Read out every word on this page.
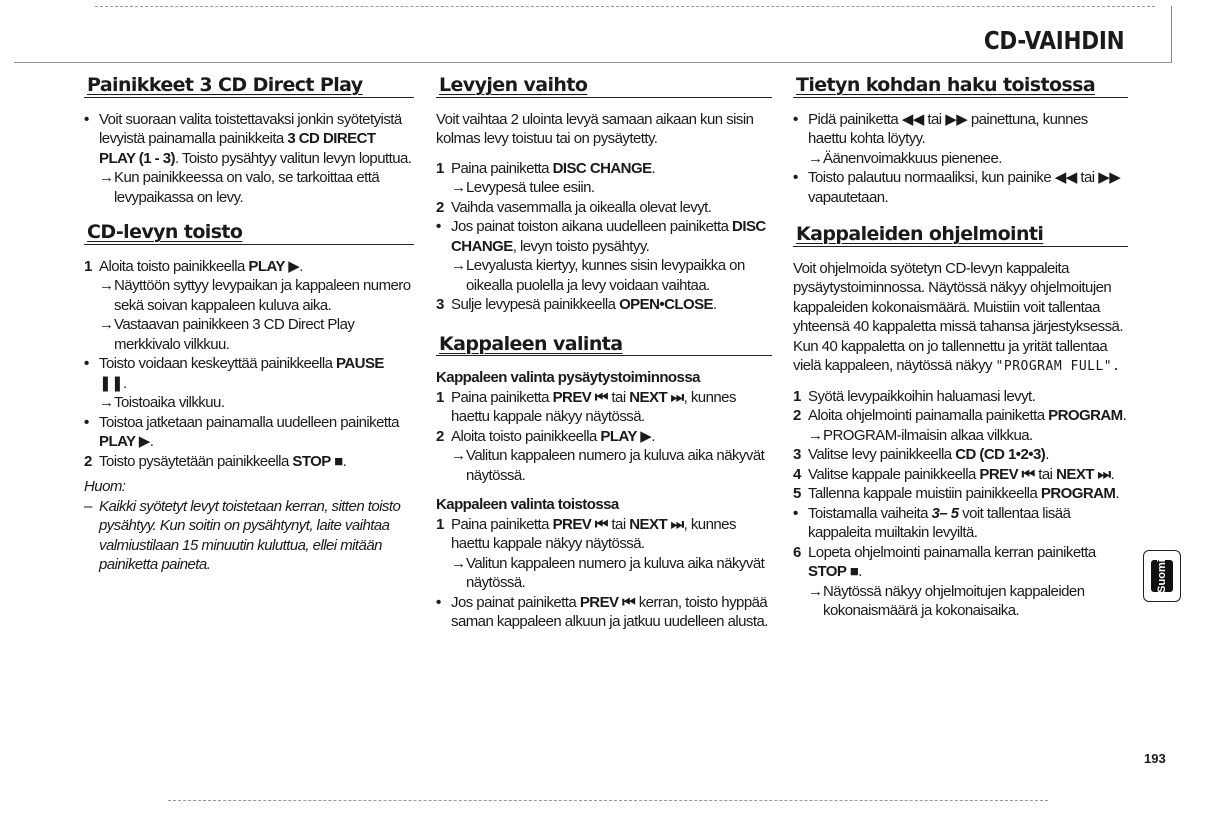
CD-VAIHDIN
Painikkeet 3 CD Direct Play
• Voit suoraan valita toistettavaksi jonkin syötetyistä levyistä painamalla painikkeita 3 CD DIRECT PLAY (1 - 3). Toisto pysähtyy valitun levyn loputtua.
→ Kun painikkeessa on valo, se tarkoittaa että levypaikassa on levy.
CD-levyn toisto
1 Aloita toisto painikkeella PLAY ▶.
→ Näyttöön syttyy levypaikan ja kappaleen numero sekä soivan kappaleen kuluva aika.
→ Vastaavan painikkeen 3 CD Direct Play merkkivalo vilkkuu.
• Toisto voidaan keskeyttää painikkeella PAUSE ❚❚.
→ Toistoaika vilkkuu.
• Toistoa jatketaan painamalla uudelleen painiketta PLAY ▶.
2 Toisto pysäytetään painikkeella STOP ■.
Huom:
– Kaikki syötetyt levyt toistetaan kerran, sitten toisto pysähtyy. Kun soitin on pysähtynyt, laite vaihtaa valmiustilaan 15 minuutin kuluttua, ellei mitään painiketta paineta.
Levyjen vaihto
Voit vaihtaa 2 ulointa levyä samaan aikaan kun sisin kolmas levy toistuu tai on pysäytetty.
1 Paina painiketta DISC CHANGE.
→ Levypesä tulee esiin.
2 Vaihda vasemmalla ja oikealla olevat levyt.
• Jos painat toiston aikana uudelleen painiketta DISC CHANGE, levyn toisto pysähtyy.
→ Levyalusta kiertyy, kunnes sisin levypaikka on oikealla puolella ja levy voidaan vaihtaa.
3 Sulje levypesä painikkeella OPEN•CLOSE.
Kappaleen valinta
Kappaleen valinta pysäytystoiminnossa
1 Paina painiketta PREV ⏮ tai NEXT ⏭, kunnes haettu kappale näkyy näytössä.
2 Aloita toisto painikkeella PLAY ▶.
→ Valitun kappaleen numero ja kuluva aika näkyvät näytössä.
Kappaleen valinta toistossa
1 Paina painiketta PREV ⏮ tai NEXT ⏭, kunnes haettu kappale näkyy näytössä.
→ Valitun kappaleen numero ja kuluva aika näkyvät näytössä.
• Jos painat painiketta PREV ⏮ kerran, toisto hyppää saman kappaleen alkuun ja jatkuu uudelleen alusta.
Tietyn kohdan haku toistossa
• Pidä painiketta ◀◀ tai ▶▶ painettuna, kunnes haettu kohta löytyy.
→ Äänenvoimakkuus pienenee.
• Toisto palautuu normaaliksi, kun painike ◀◀ tai ▶▶ vapautetaan.
Kappaleiden ohjelmointi
Voit ohjelmoida syötetyn CD-levyn kappaleita pysäytystoiminnossa. Näytössä näkyy ohjelmoitujen kappaleiden kokonaismäärä. Muistiin voit tallentaa yhteensä 40 kappaletta missä tahansa järjestyksessä. Kun 40 kappaletta on jo tallennettu ja yrität tallentaa vielä kappaleen, näytössä näkyy "PROGRAM FULL".
1 Syötä levypaikkoihin haluamasi levyt.
2 Aloita ohjelmointi painamalla painiketta PROGRAM.
→ PROGRAM-ilmaisin alkaa vilkkua.
3 Valitse levy painikkeella CD (CD 1•2•3).
4 Valitse kappale painikkeella PREV ⏮ tai NEXT ⏭.
5 Tallenna kappale muistiin painikkeella PROGRAM.
• Toistamalla vaiheita 3– 5 voit tallentaa lisää kappaleita muiltakin levyiltä.
6 Lopeta ohjelmointi painamalla kerran painiketta STOP ■.
→ Näytössä näkyy ohjelmoitujen kappaleiden kokonaismäärä ja kokonaisaika.
Suomi
193
